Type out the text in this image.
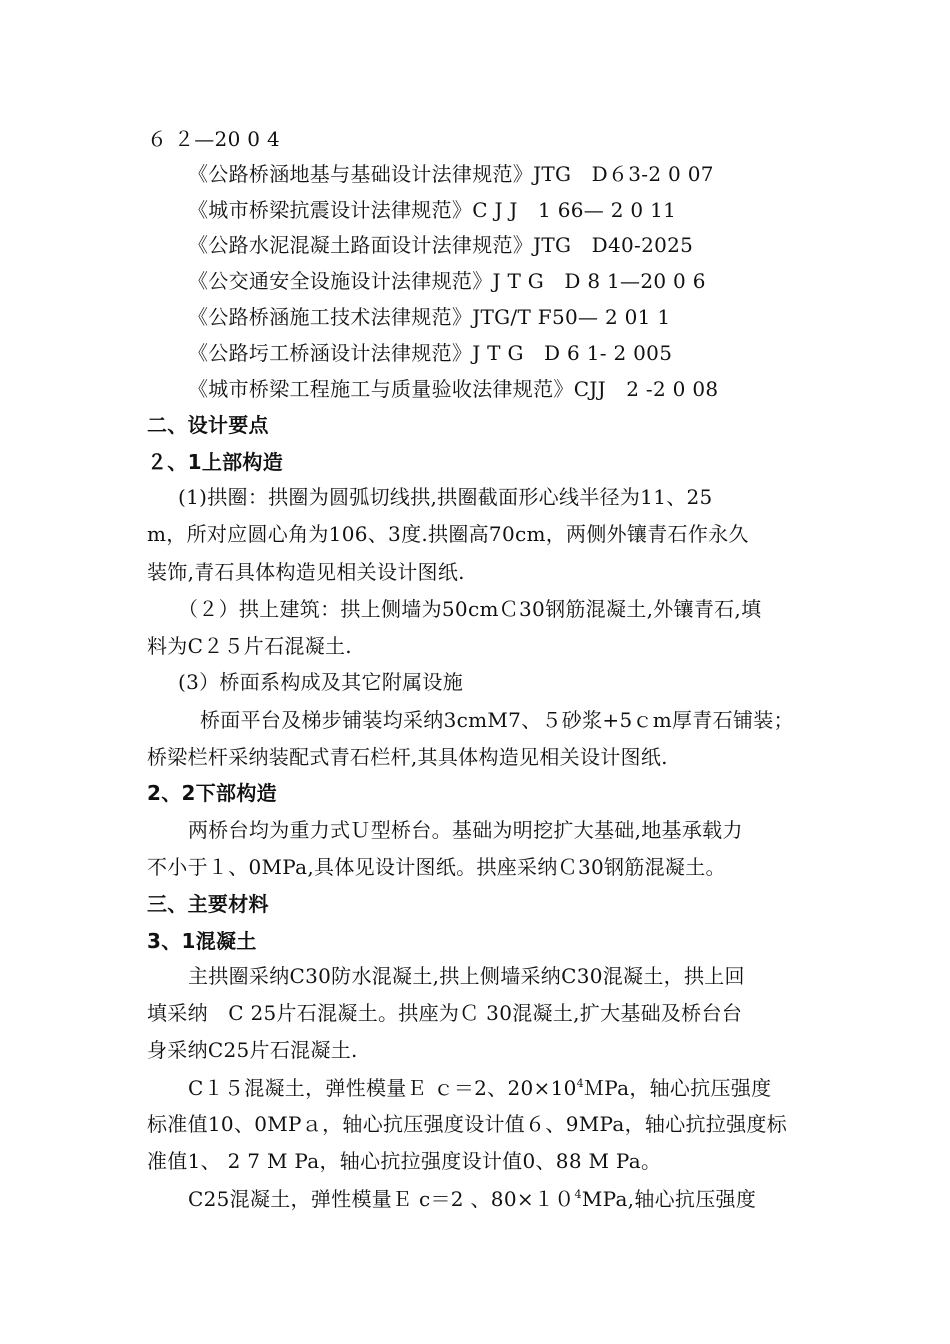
６ ２—20 0 4
《公路桥涵地基与基础设计法律规范》JTG　D６3-2 0 07
《城市桥梁抗震设计法律规范》C J J　1 66— 2 0 11
《公路水泥混凝土路面设计法律规范》JTG　D40-2025
《公交通安全设施设计法律规范》J T G　D 8 1—20 0 6
《公路桥涵施工技术法律规范》JTG/T F50— 2 01 1
《公路圬工桥涵设计法律规范》J T G　D 6 1- 2 005
《城市桥梁工程施工与质量验收法律规范》CJJ　2 -2 0 08
二、设计要点
２、1上部构造
(1)拱圈：拱圈为圆弧切线拱,拱圈截面形心线半径为11、25
m，所对应圆心角为106、3度.拱圈高70cm，两侧外镶青石作永久
装饰,青石具体构造见相关设计图纸.
（２）拱上建筑：拱上侧墙为50cmＣ30钢筋混凝土,外镶青石,填
料为C２５片石混凝土.
(3）桥面系构成及其它附属设施
桥面平台及梯步铺装均采纳3cmM7、５砂浆+5ｃm厚青石铺装；
桥梁栏杆采纳装配式青石栏杆,其具体构造见相关设计图纸.
2、2下部构造
两桥台均为重力式Ｕ型桥台。基础为明挖扩大基础,地基承载力
不小于１、0MPa,具体见设计图纸。拱座采纳Ｃ30钢筋混凝土。
三、主要材料
3、1混凝土
主拱圈采纳C30防水混凝土,拱上侧墙采纳C30混凝土，拱上回
填采纳　C 25片石混凝土。拱座为Ｃ 30混凝土,扩大基础及桥台台
身采纳C25片石混凝土.
C１５混凝土，弹性模量Ｅ ｃ＝2、$20\times 10^4MPa$，轴心抗压强度
标准值10、0MPａ，轴心抗压强度设计值６、9MPa，轴心抗拉强度标
准值1、 2 7 M Pa，轴心抗拉强度设计值0、88 M Pa。
C25混凝土，弹性模量Ｅ c＝2 、$80\times 10^4MPa$,轴心抗压强度
